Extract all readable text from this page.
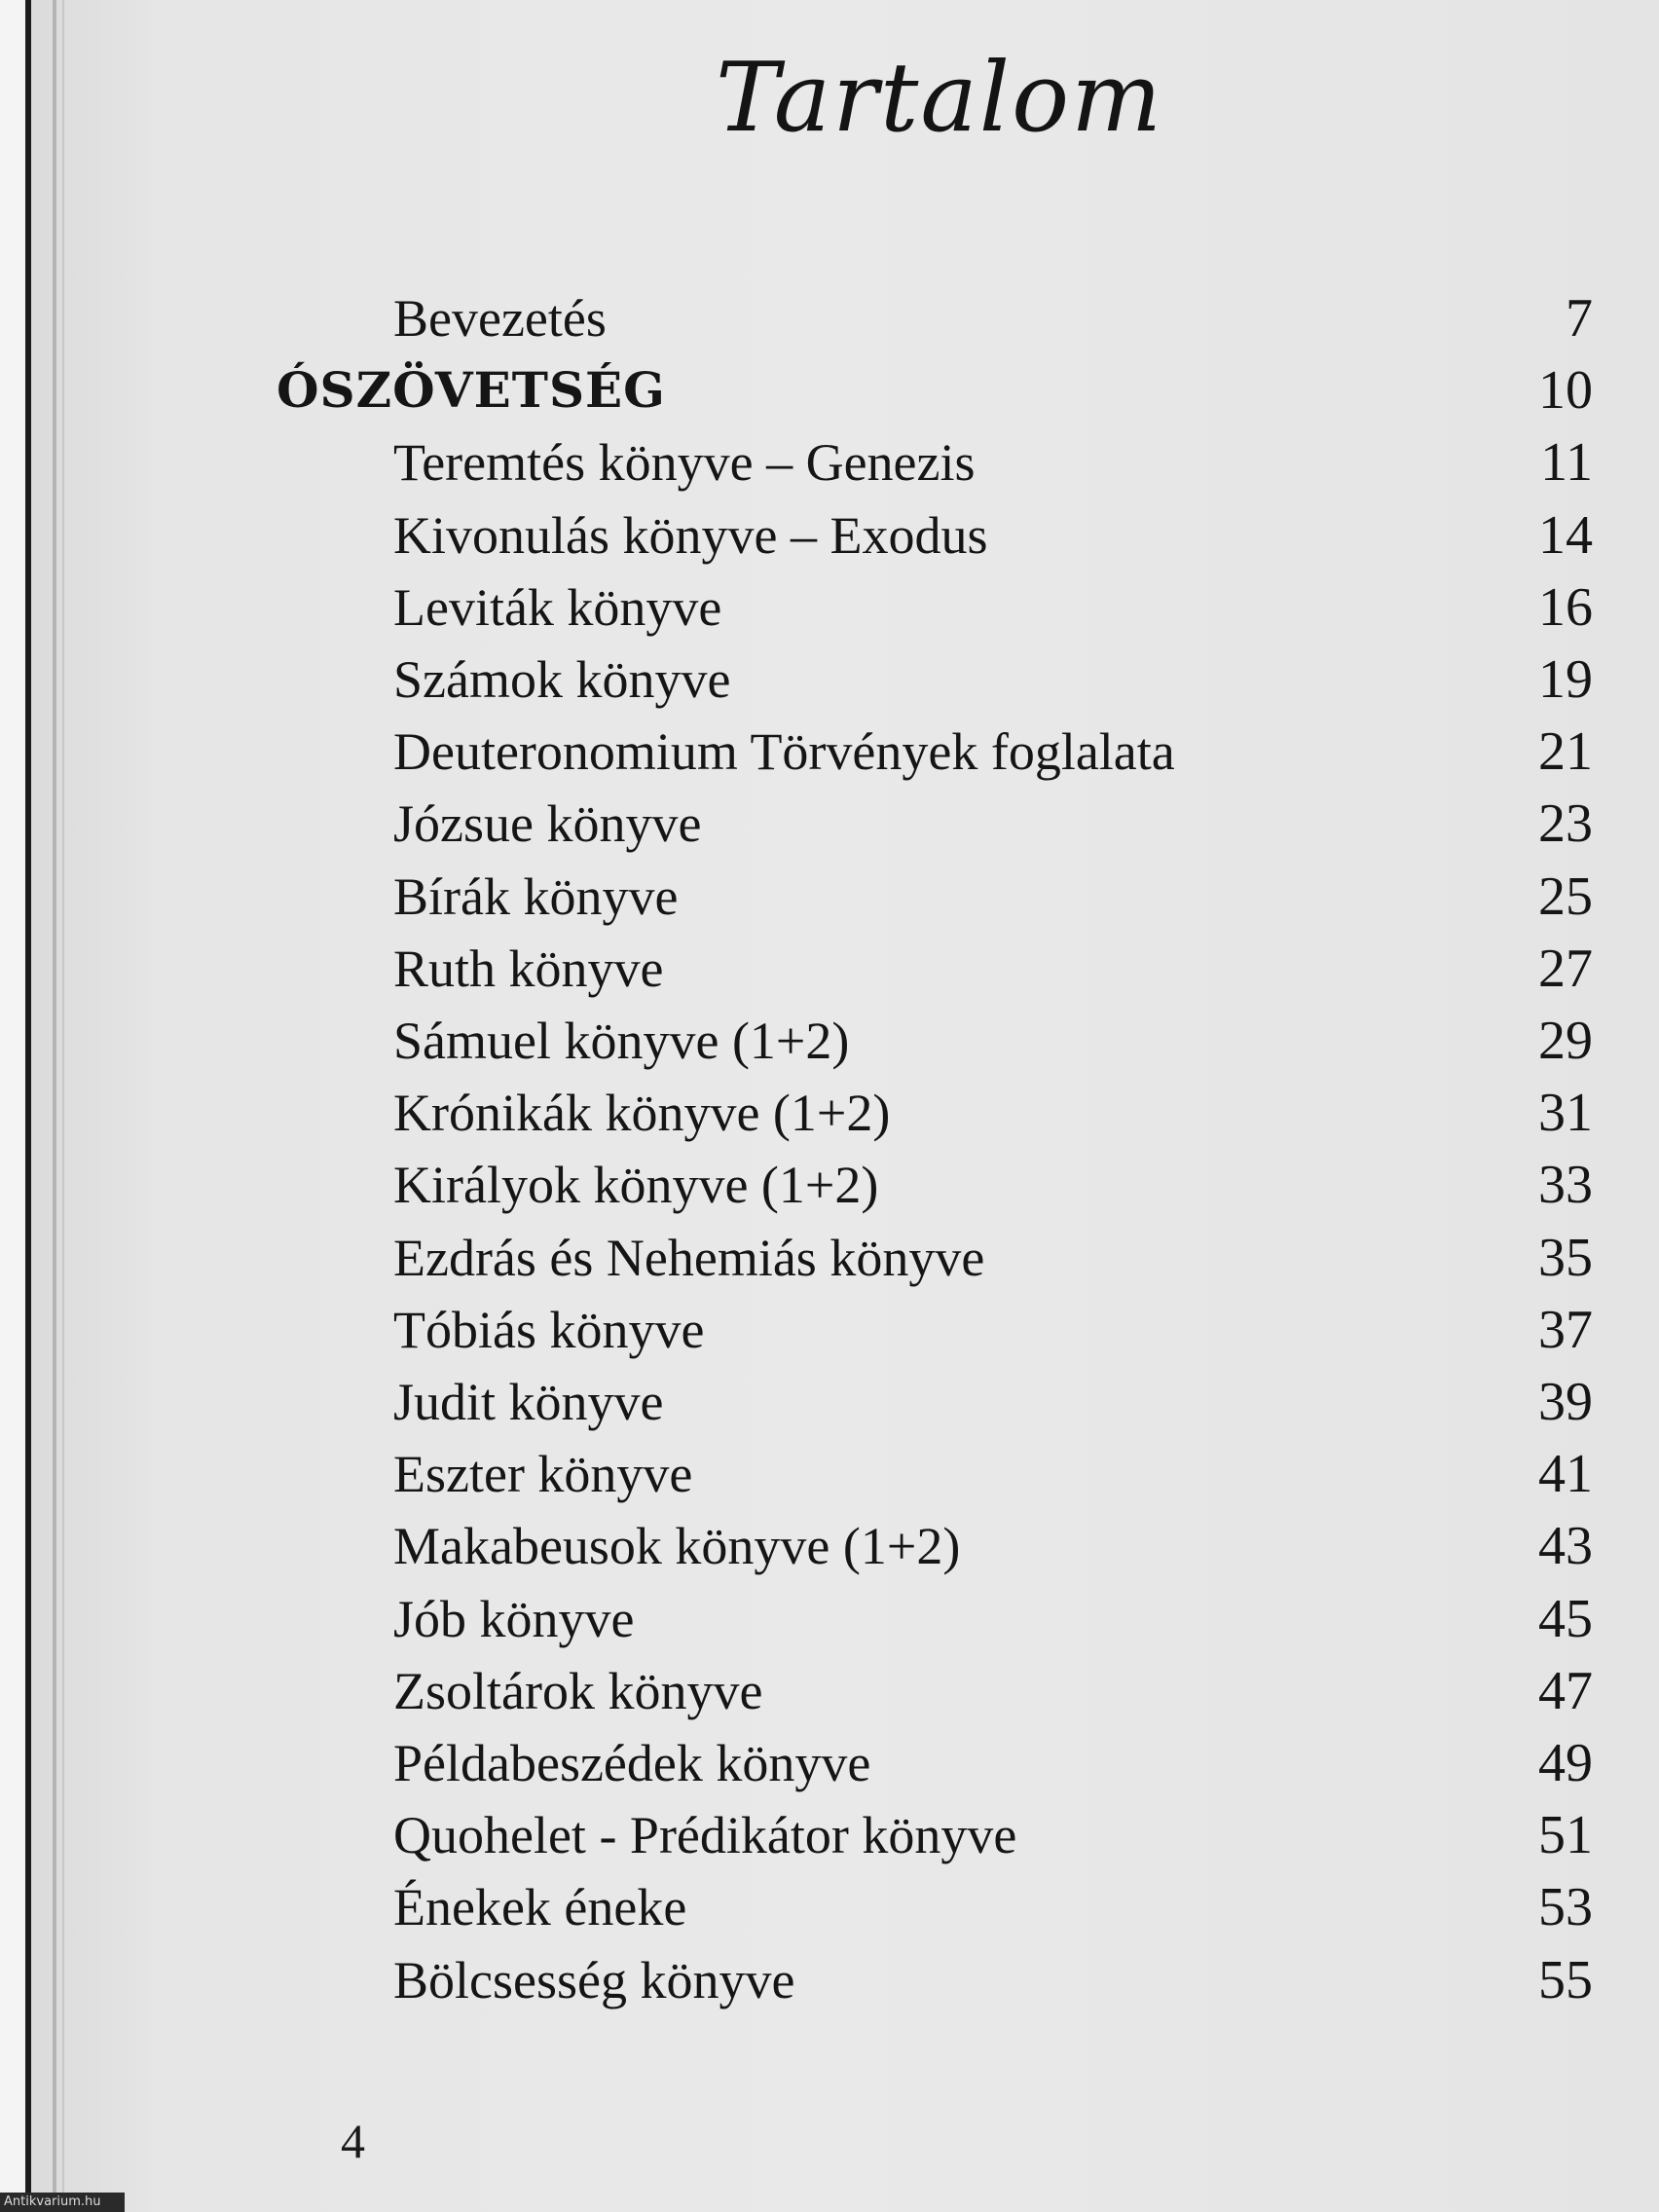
Tartalom
Bevezetés	7
ÓSZÖVETSÉG	10
Teremtés könyve – Genezis	11
Kivonulás könyve – Exodus	14
Leviták könyve	16
Számok könyve	19
Deuteronomium Törvények foglalata	21
Józsue könyve	23
Bírák könyve	25
Ruth könyve	27
Sámuel könyve (1+2)	29
Krónikák könyve (1+2)	31
Királyok könyve (1+2)	33
Ezdrás és Nehemiás könyve	35
Tóbiás könyve	37
Judit könyve	39
Eszter könyve	41
Makabeusok könyve (1+2)	43
Jób könyve	45
Zsoltárok könyve	47
Példabeszédek könyve	49
Quohelet - Prédikátor könyve	51
Énekek éneke	53
Bölcsesség könyve	55
4
Antikvarium.hu
